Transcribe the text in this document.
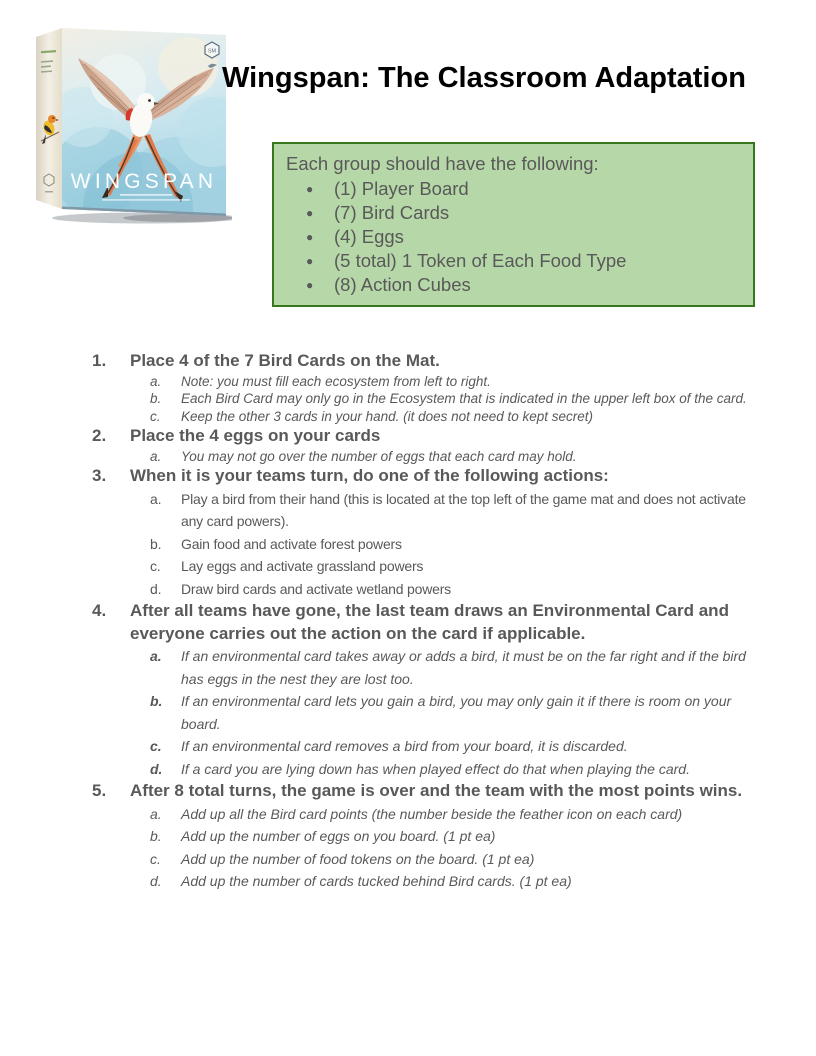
SM
WINGSPAN
Wingspan: The Classroom Adaptation
Each group should have the following:
●	(1) Player Board
●	(7) Bird Cards
●	(4) Eggs
●	(5 total) 1 Token of Each Food Type
●	(8) Action Cubes
1.	Place 4 of the 7 Bird Cards on the Mat.
a.	Note: you must fill each ecosystem from left to right.
b.	Each Bird Card may only go in the Ecosystem that is indicated in the upper left box of the card.
c.	Keep the other 3 cards in your hand. (it does not need to kept secret)
2.	Place the 4 eggs on your cards
a.	You may not go over the number of eggs that each card may hold.
3.	When it is your teams turn, do one of the following actions:
a.	Play a bird from their hand (this is located at the top left of the game mat and does not activate any card powers).
b.	Gain food and activate forest powers
c.	Lay eggs and activate grassland powers
d.	Draw bird cards and activate wetland powers
4.	After all teams have gone, the last team draws an Environmental Card and everyone carries out the action on the card if applicable.
a.	If an environmental card takes away or adds a bird, it must be on the far right and if the bird has eggs in the nest they are lost too.
b.	If an environmental card lets you gain a bird, you may only gain it if there is room on your board.
c.	If an environmental card removes a bird from your board, it is discarded.
d.	If a card you are lying down has when played effect do that when playing the card.
5.	After 8 total turns, the game is over and the team with the most points wins.
a.	Add up all the Bird card points (the number beside the feather icon on each card)
b.	Add up the number of eggs on you board. (1 pt ea)
c.	Add up the number of food tokens on the board. (1 pt ea)
d.	Add up the number of cards tucked behind Bird cards. (1 pt ea)
